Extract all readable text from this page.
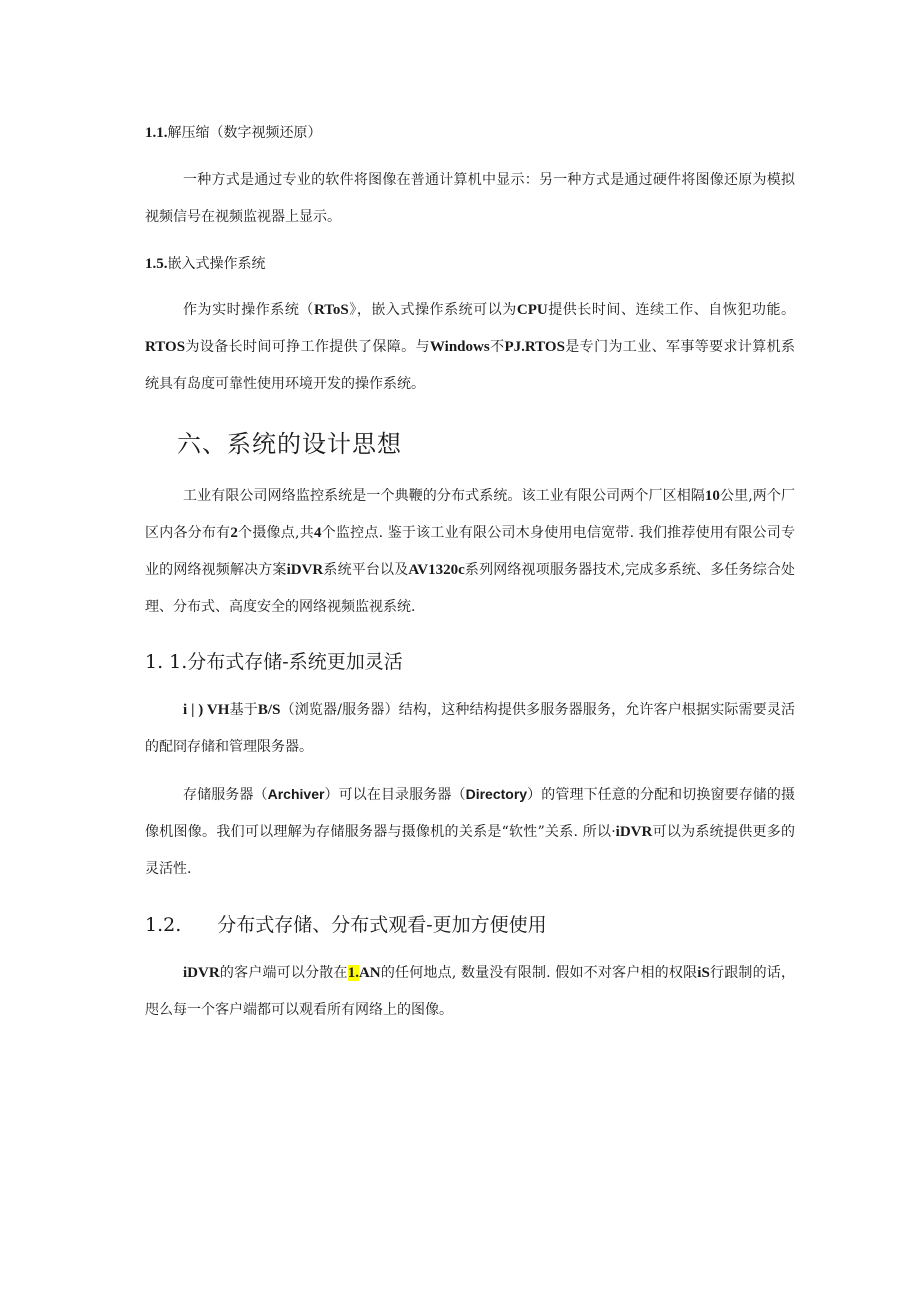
1.1.解压缩（数字视频还原）

一种方式是通过专业的软件将图像在普通计算机中显示：另一种方式是通过硬件将图像还原为模拟视频信号在视频监视器上显示。

1.5.嵌入式操作系统

作为实时操作系统（RToS》，嵌入式操作系统可以为CPU提供长时间、连续工作、自恢犯功能。RTOS为设备长时间可挣工作提供了保障。与Windows不PJ.RTOS是专门为工业、军事等要求计算机系统具有岛度可靠性使用环境开发的操作系统。

六、系统的设计思想

工业有限公司网络监控系统是一个典鞭的分布式系统。该工业有限公司两个厂区相隔10公里,两个厂区内各分布有2个摄像点,共4个监控点. 鉴于该工业有限公司木身使用电信宽带. 我们推荐使用有限公司专业的网络视频解决方案iDVR系统平台以及AV1320c系列网络视项服务器技术,完成多系统、多任务综合处理、分布式、高度安全的网络视频监视系统.

1. 1.分布式存储-系统更加灵活

i | ) VH基于B/S（浏览器/服务器）结构，这种结构提供多服务器服务，允许客户根据实际需要灵活的配冏存储和管理限务器。

存储服务器（Archiver）可以在目录服务器（Directory）的管理下任意的分配和切换窗要存储的摄像机图像。我们可以理解为存储服务器与摄像机的关系是“软性”关系. 所以·iDVR可以为系统提供更多的灵活性.

1.2. 分布式存储、分布式观看-更加方便使用

iDVR的客户端可以分散在1.AN的任何地点, 数量没有限制. 假如不对客户相的权限iS行跟制的话，咫么每一个客户端都可以观看所有网络上的图像。
